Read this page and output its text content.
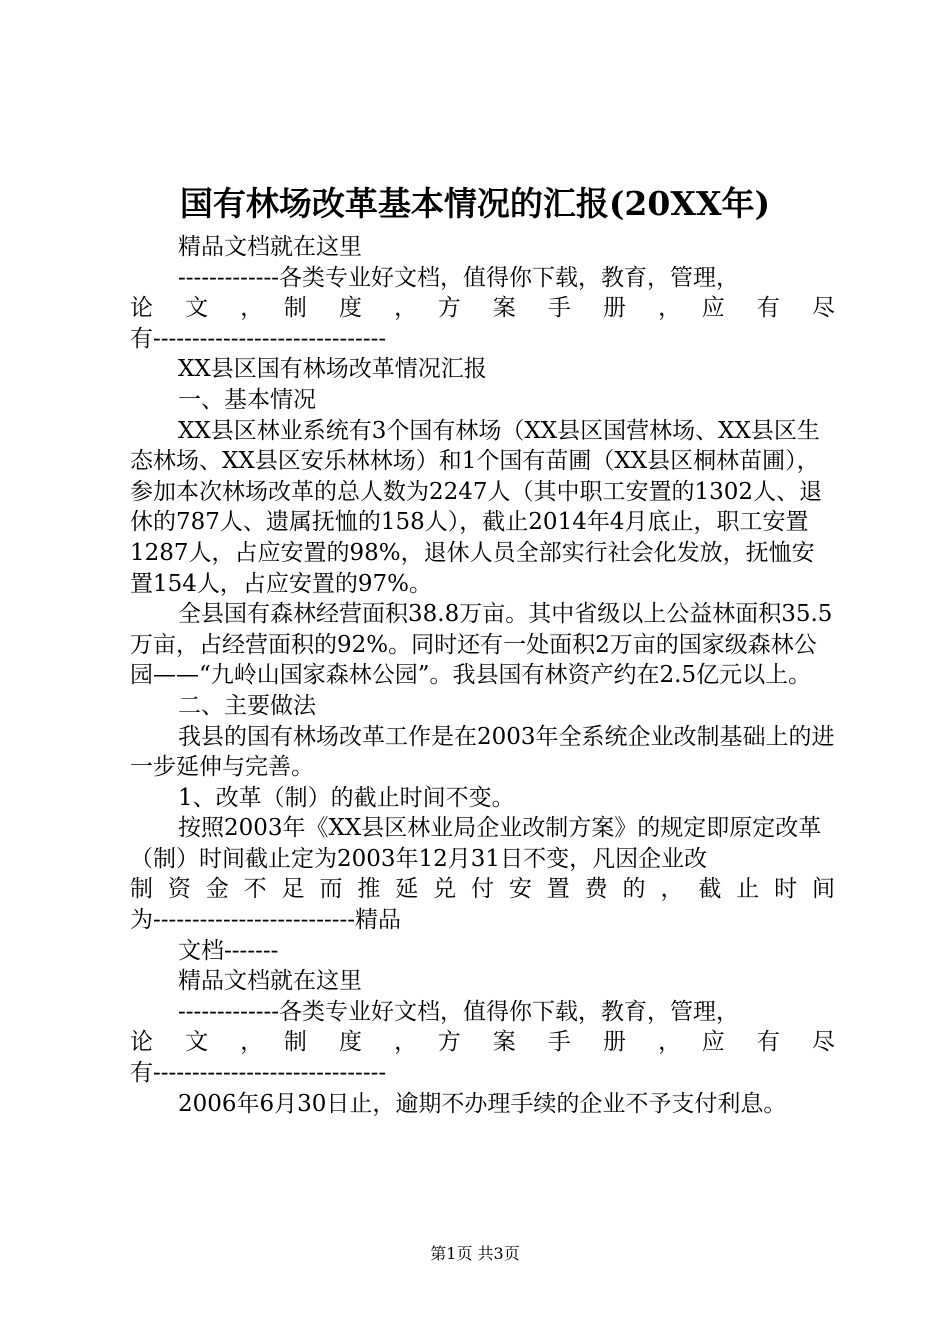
国有林场改革基本情况的汇报(20XX年)

精品文档就在这里

-------------各类专业好文档，值得你下载，教育，管理，

论　文　，　制　度　，　方　案　手　册　，　应　有　尽

有------------------------------

XX县区国有林场改革情况汇报

一、基本情况

XX县区林业系统有3个国有林场（XX县区国营林场、XX县区生态林场、XX县区安乐林林场）和1个国有苗圃（XX县区桐林苗圃），参加本次林场改革的总人数为2247人（其中职工安置的1302人、退休的787人、遗属抚恤的158人），截止2014年4月底止，职工安置1287人，占应安置的98%，退休人员全部实行社会化发放，抚恤安置154人，占应安置的97%。

全县国有森林经营面积38.8万亩。其中省级以上公益林面积35.5万亩，占经营面积的92%。同时还有一处面积2万亩的国家级森林公园——“九岭山国家森林公园”。我县国有林资产约在2.5亿元以上。

二、主要做法

我县的国有林场改革工作是在2003年全系统企业改制基础上的进一步延伸与完善。

1、改革（制）的截止时间不变。

按照2003年《XX县区林业局企业改制方案》的规定即原定改革（制）时间截止定为2003年12月31日不变，凡因企业改

制资金不足而推延兑付安置费的，截止时间

为--------------------------精品

文档-------

精品文档就在这里

-------------各类专业好文档，值得你下载，教育，管理，

论　文　，　制　度　，　方　案　手　册　，　应　有　尽

有------------------------------

2006年6月30日止，逾期不办理手续的企业不予支付利息。

第1页 共3页
